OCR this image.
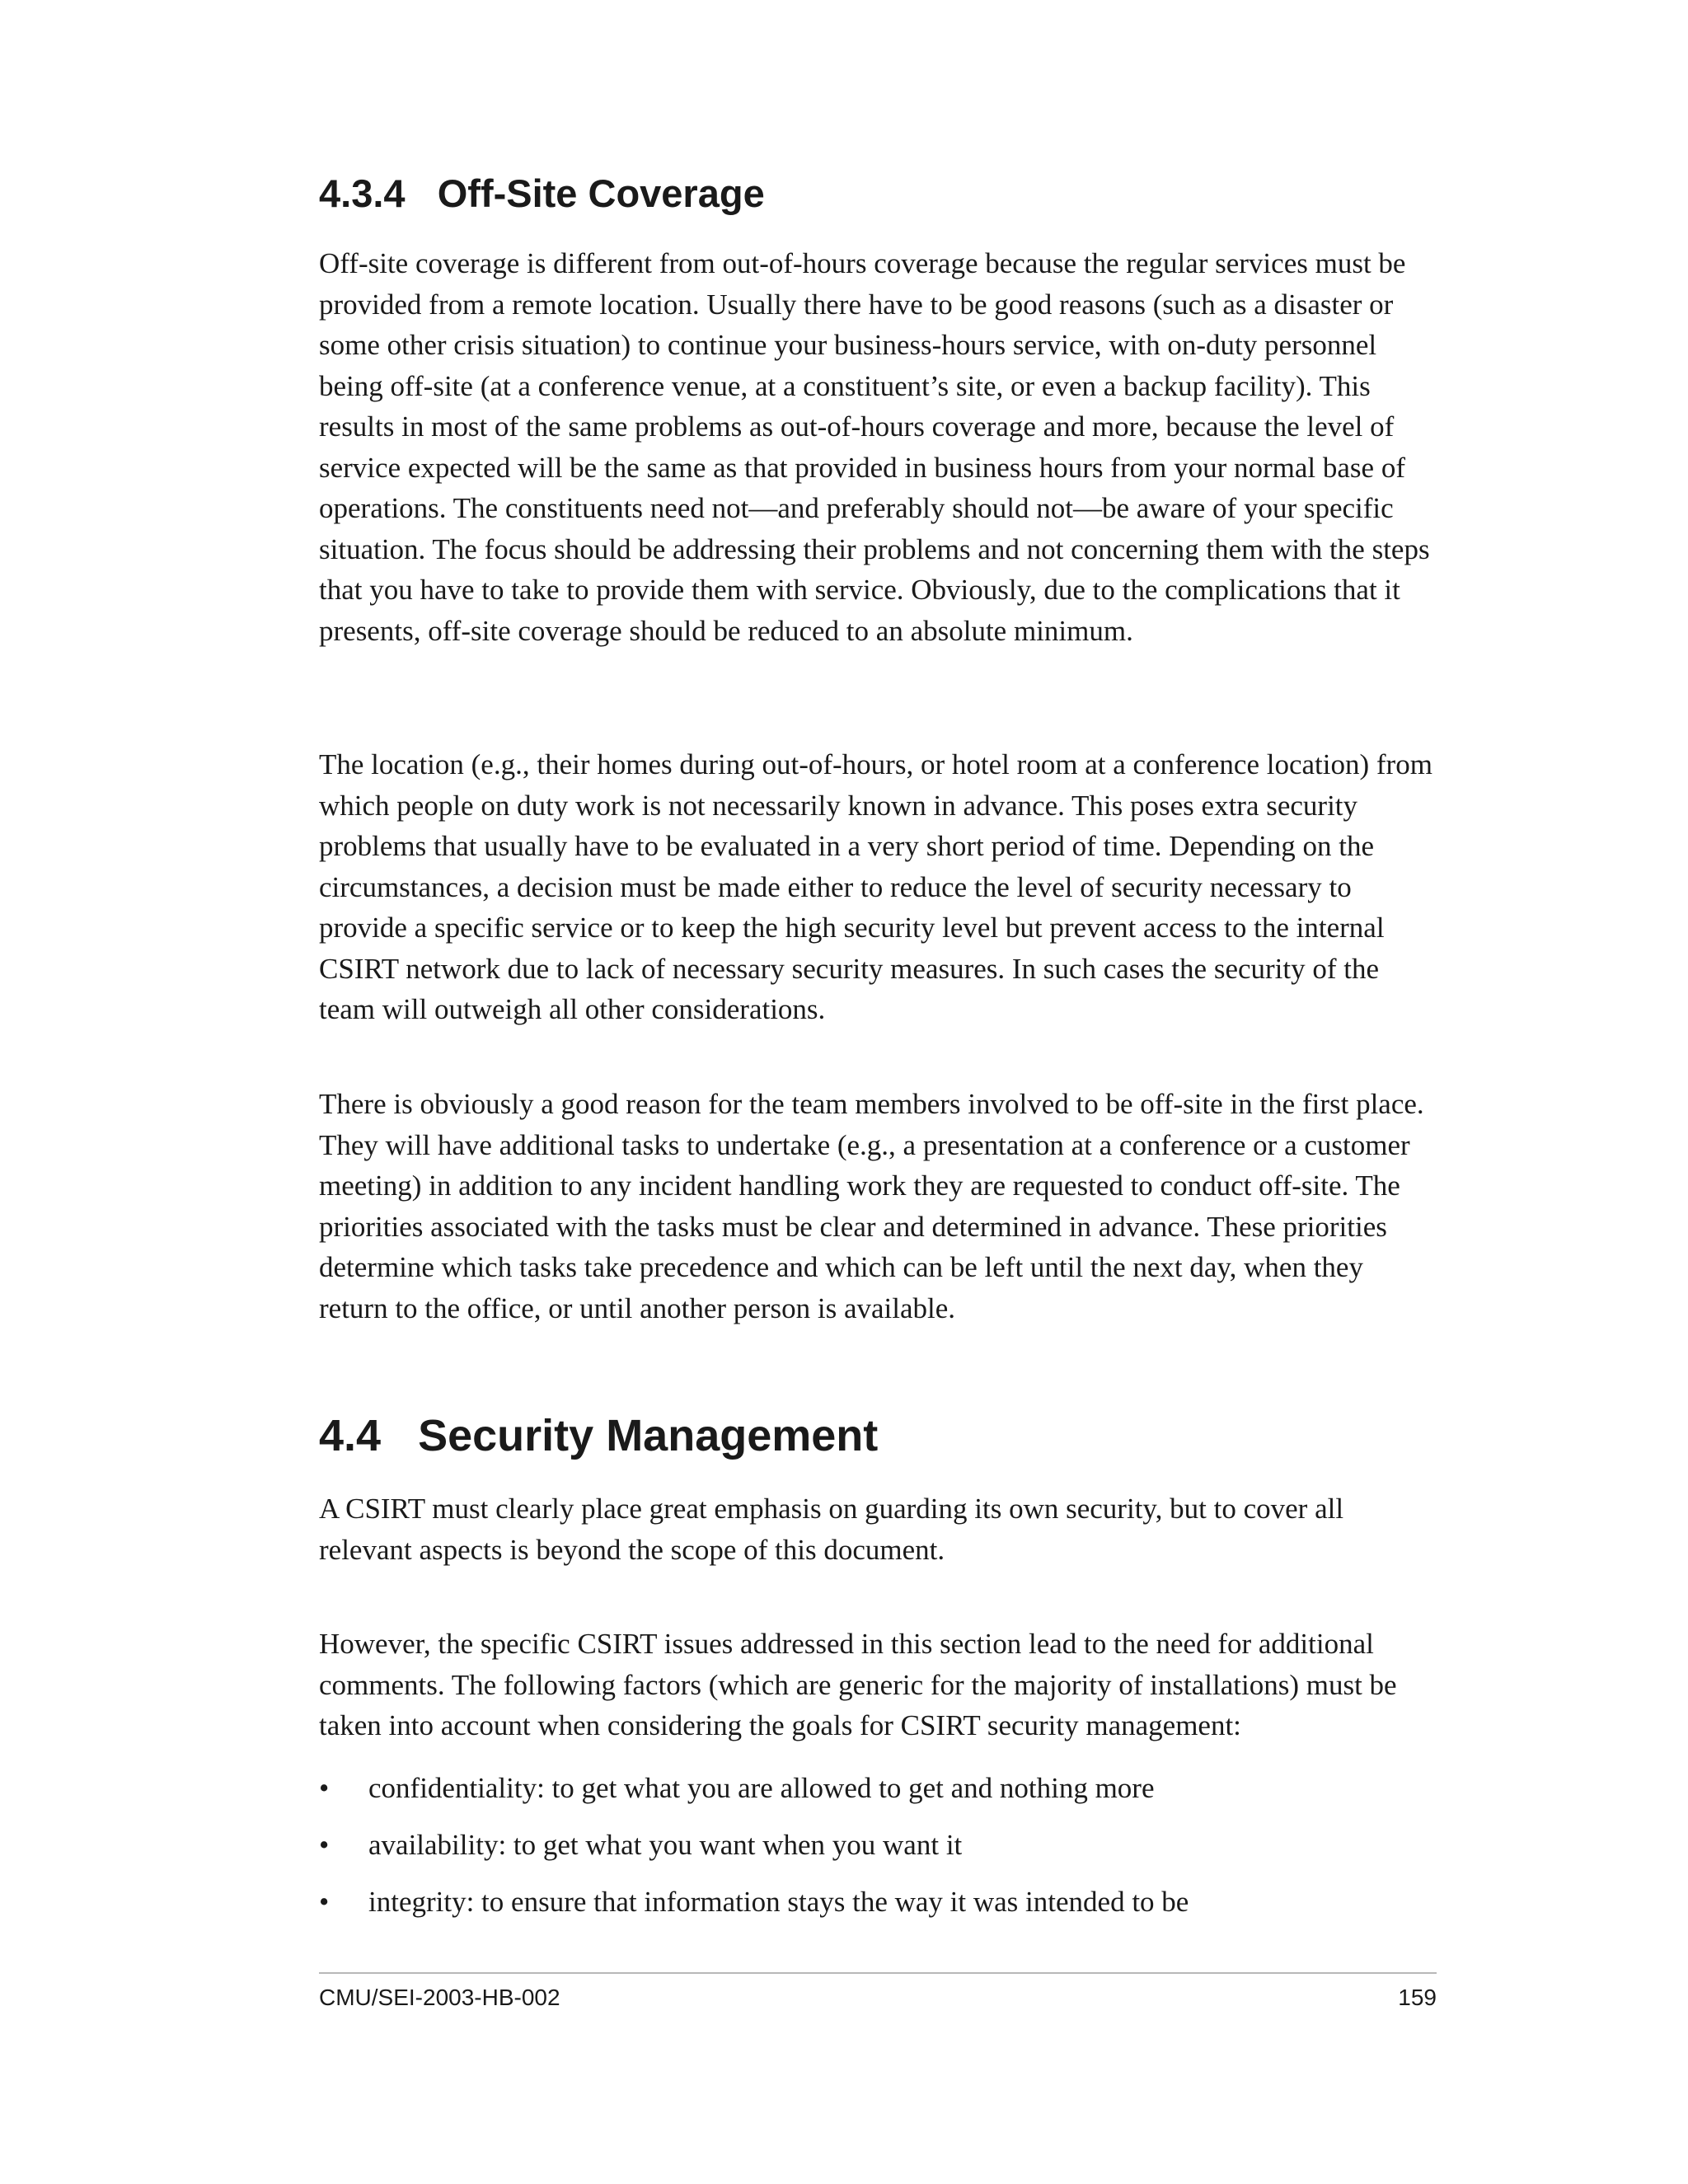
4.3.4 Off-Site Coverage

Off-site coverage is different from out-of-hours coverage because the regular services must be provided from a remote location. Usually there have to be good reasons (such as a disaster or some other crisis situation) to continue your business-hours service, with on-duty personnel being off-site (at a conference venue, at a constituent’s site, or even a backup facility). This results in most of the same problems as out-of-hours coverage and more, because the level of service expected will be the same as that provided in business hours from your normal base of operations. The constituents need not—and preferably should not—be aware of your specific situation. The focus should be addressing their problems and not concerning them with the steps that you have to take to provide them with service. Obviously, due to the complications that it presents, off-site coverage should be reduced to an absolute minimum.

The location (e.g., their homes during out-of-hours, or hotel room at a conference location) from which people on duty work is not necessarily known in advance. This poses extra security problems that usually have to be evaluated in a very short period of time. Depending on the circumstances, a decision must be made either to reduce the level of security necessary to provide a specific service or to keep the high security level but prevent access to the internal CSIRT network due to lack of necessary security measures. In such cases the security of the team will outweigh all other considerations.

There is obviously a good reason for the team members involved to be off-site in the first place. They will have additional tasks to undertake (e.g., a presentation at a conference or a customer meeting) in addition to any incident handling work they are requested to conduct off-site. The priorities associated with the tasks must be clear and determined in advance. These priorities determine which tasks take precedence and which can be left until the next day, when they return to the office, or until another person is available.

4.4 Security Management

A CSIRT must clearly place great emphasis on guarding its own security, but to cover all relevant aspects is beyond the scope of this document.

However, the specific CSIRT issues addressed in this section lead to the need for additional comments. The following factors (which are generic for the majority of installations) must be taken into account when considering the goals for CSIRT security management:

• confidentiality: to get what you are allowed to get and nothing more
• availability: to get what you want when you want it
• integrity: to ensure that information stays the way it was intended to be
CMU/SEI-2003-HB-002	159
